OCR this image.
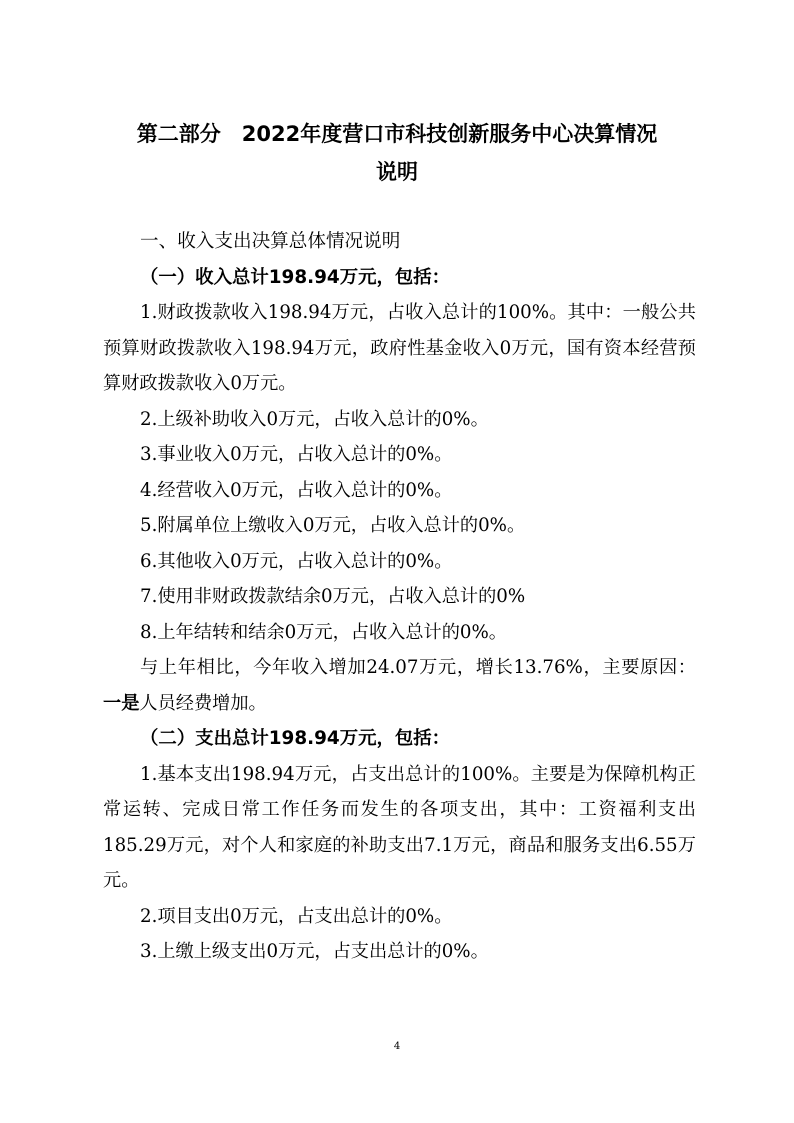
第二部分　2022年度营口市科技创新服务中心决算情况
说明

一、收入支出决算总体情况说明

（一）收入总计198.94万元，包括：

1.财政拨款收入198.94万元，占收入总计的100%。其中：一般公共预算财政拨款收入198.94万元，政府性基金收入0万元，国有资本经营预算财政拨款收入0万元。

2.上级补助收入0万元，占收入总计的0%。

3.事业收入0万元，占收入总计的0%。

4.经营收入0万元，占收入总计的0%。

5.附属单位上缴收入0万元，占收入总计的0%。

6.其他收入0万元，占收入总计的0%。

7.使用非财政拨款结余0万元，占收入总计的0%

8.上年结转和结余0万元，占收入总计的0%。

与上年相比，今年收入增加24.07万元，增长13.76%，主要原因：一是人员经费增加。

（二）支出总计198.94万元，包括：

1.基本支出198.94万元，占支出总计的100%。主要是为保障机构正常运转、完成日常工作任务而发生的各项支出，其中：工资福利支出185.29万元，对个人和家庭的补助支出7.1万元，商品和服务支出6.55万元。

2.项目支出0万元，占支出总计的0%。

3.上缴上级支出0万元，占支出总计的0%。

4
